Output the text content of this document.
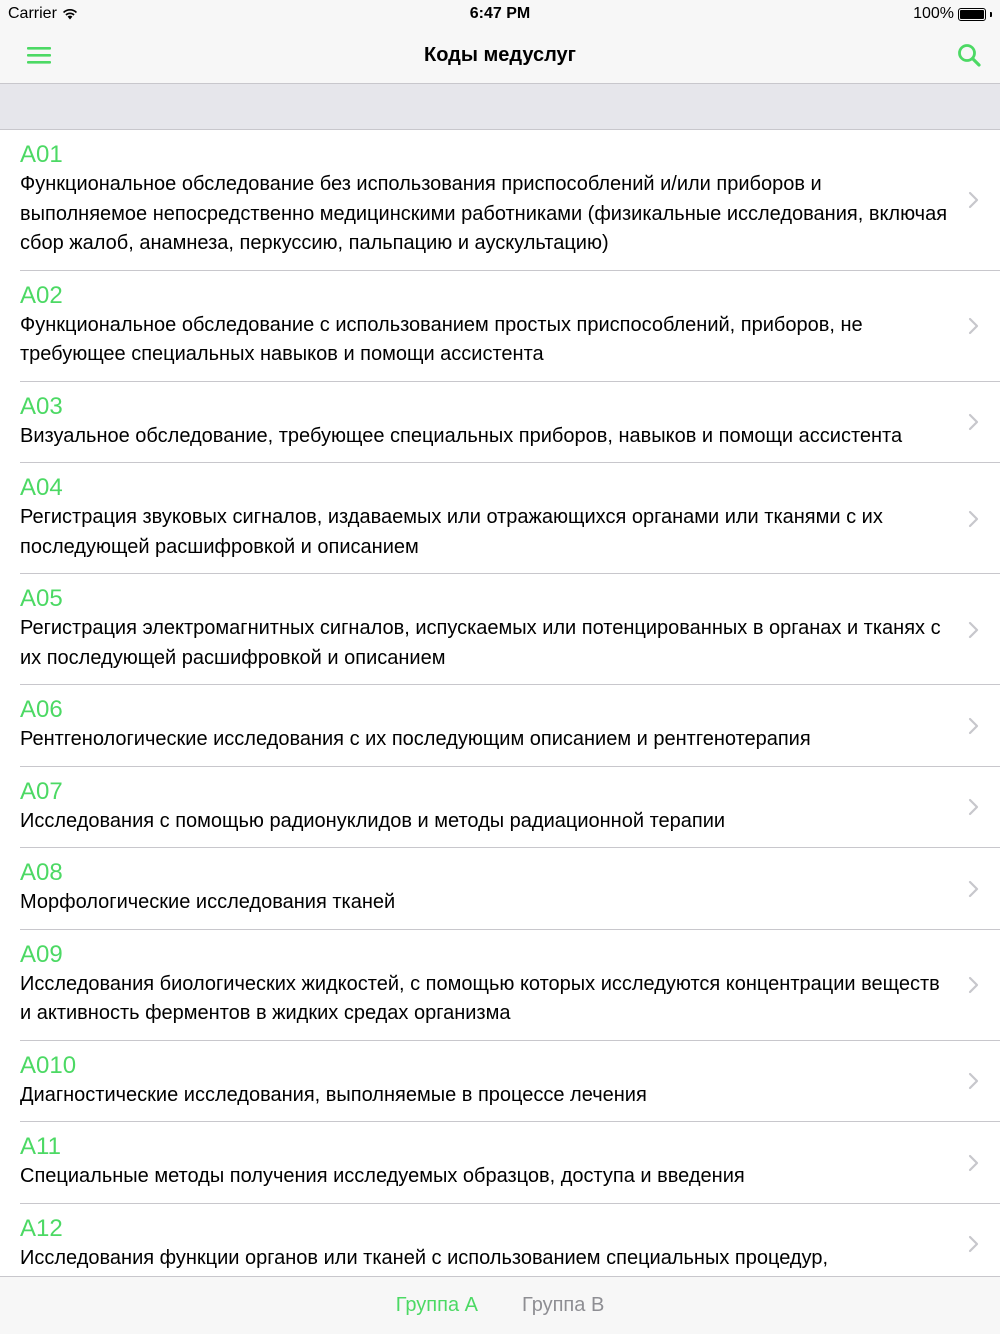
Carrier	6:47 PM	100%
Коды медуслуг
A01
Функциональное обследование без использования приспособлений и/или приборов и выполняемое непосредственно медицинскими работниками (физикальные исследования, включая сбор жалоб, анамнеза, перкуссию, пальпацию и аускультацию)
A02
Функциональное обследование с использованием простых приспособлений, приборов, не требующее специальных навыков и помощи ассистента
A03
Визуальное обследование, требующее специальных приборов, навыков и помощи ассистента
A04
Регистрация звуковых сигналов, издаваемых или отражающихся органами или тканями с их последующей расшифровкой и описанием
A05
Регистрация электромагнитных сигналов, испускаемых или потенцированных в органах и тканях с их последующей расшифровкой и описанием
A06
Рентгенологические исследования с их последующим описанием и рентгенотерапия
A07
Исследования с помощью радионуклидов и методы радиационной терапии
A08
Морфологические исследования тканей
A09
Исследования биологических жидкостей, с помощью которых исследуются концентрации веществ и активность ферментов в жидких средах организма
A010
Диагностические исследования, выполняемые в процессе лечения
A11
Специальные методы получения исследуемых образцов, доступа и введения
A12
Исследования функции органов или тканей с использованием специальных процедур,
Группа А Группа В
